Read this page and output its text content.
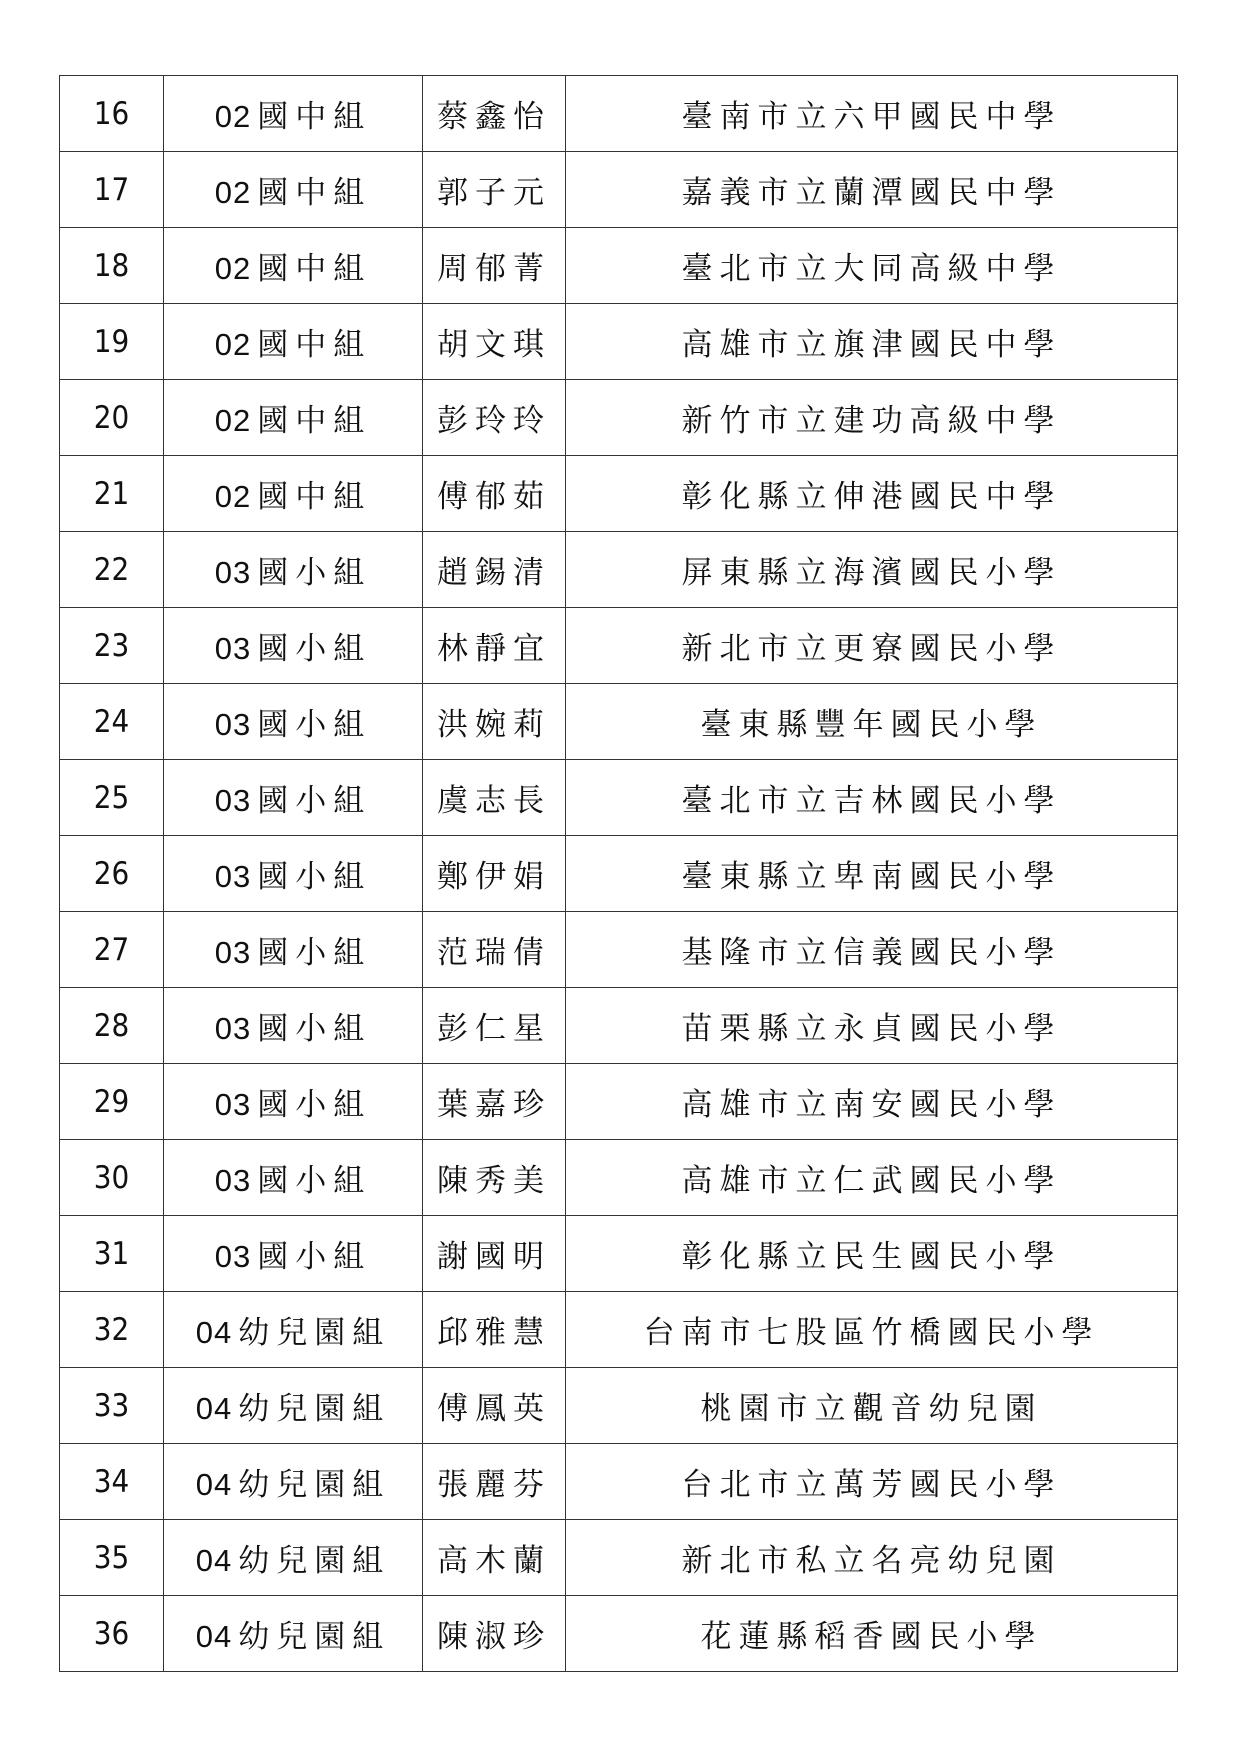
16	02 國中組	蔡鑫怡	臺南市立六甲國民中學
17	02 國中組	郭子元	嘉義市立蘭潭國民中學
18	02 國中組	周郁菁	臺北市立大同高級中學
19	02 國中組	胡文琪	高雄市立旗津國民中學
20	02 國中組	彭玲玲	新竹市立建功高級中學
21	02 國中組	傅郁茹	彰化縣立伸港國民中學
22	03 國小組	趙錫清	屏東縣立海濱國民小學
23	03 國小組	林靜宜	新北市立更寮國民小學
24	03 國小組	洪婉莉	臺東縣豐年國民小學
25	03 國小組	虞志長	臺北市立吉林國民小學
26	03 國小組	鄭伊娟	臺東縣立卑南國民小學
27	03 國小組	范瑞倩	基隆市立信義國民小學
28	03 國小組	彭仁星	苗栗縣立永貞國民小學
29	03 國小組	葉嘉珍	高雄市立南安國民小學
30	03 國小組	陳秀美	高雄市立仁武國民小學
31	03 國小組	謝國明	彰化縣立民生國民小學
32	04 幼兒園組	邱雅慧	台南市七股區竹橋國民小學
33	04 幼兒園組	傅鳳英	桃園市立觀音幼兒園
34	04 幼兒園組	張麗芬	台北市立萬芳國民小學
35	04 幼兒園組	高木蘭	新北市私立名亮幼兒園
36	04 幼兒園組	陳淑珍	花蓮縣稻香國民小學
